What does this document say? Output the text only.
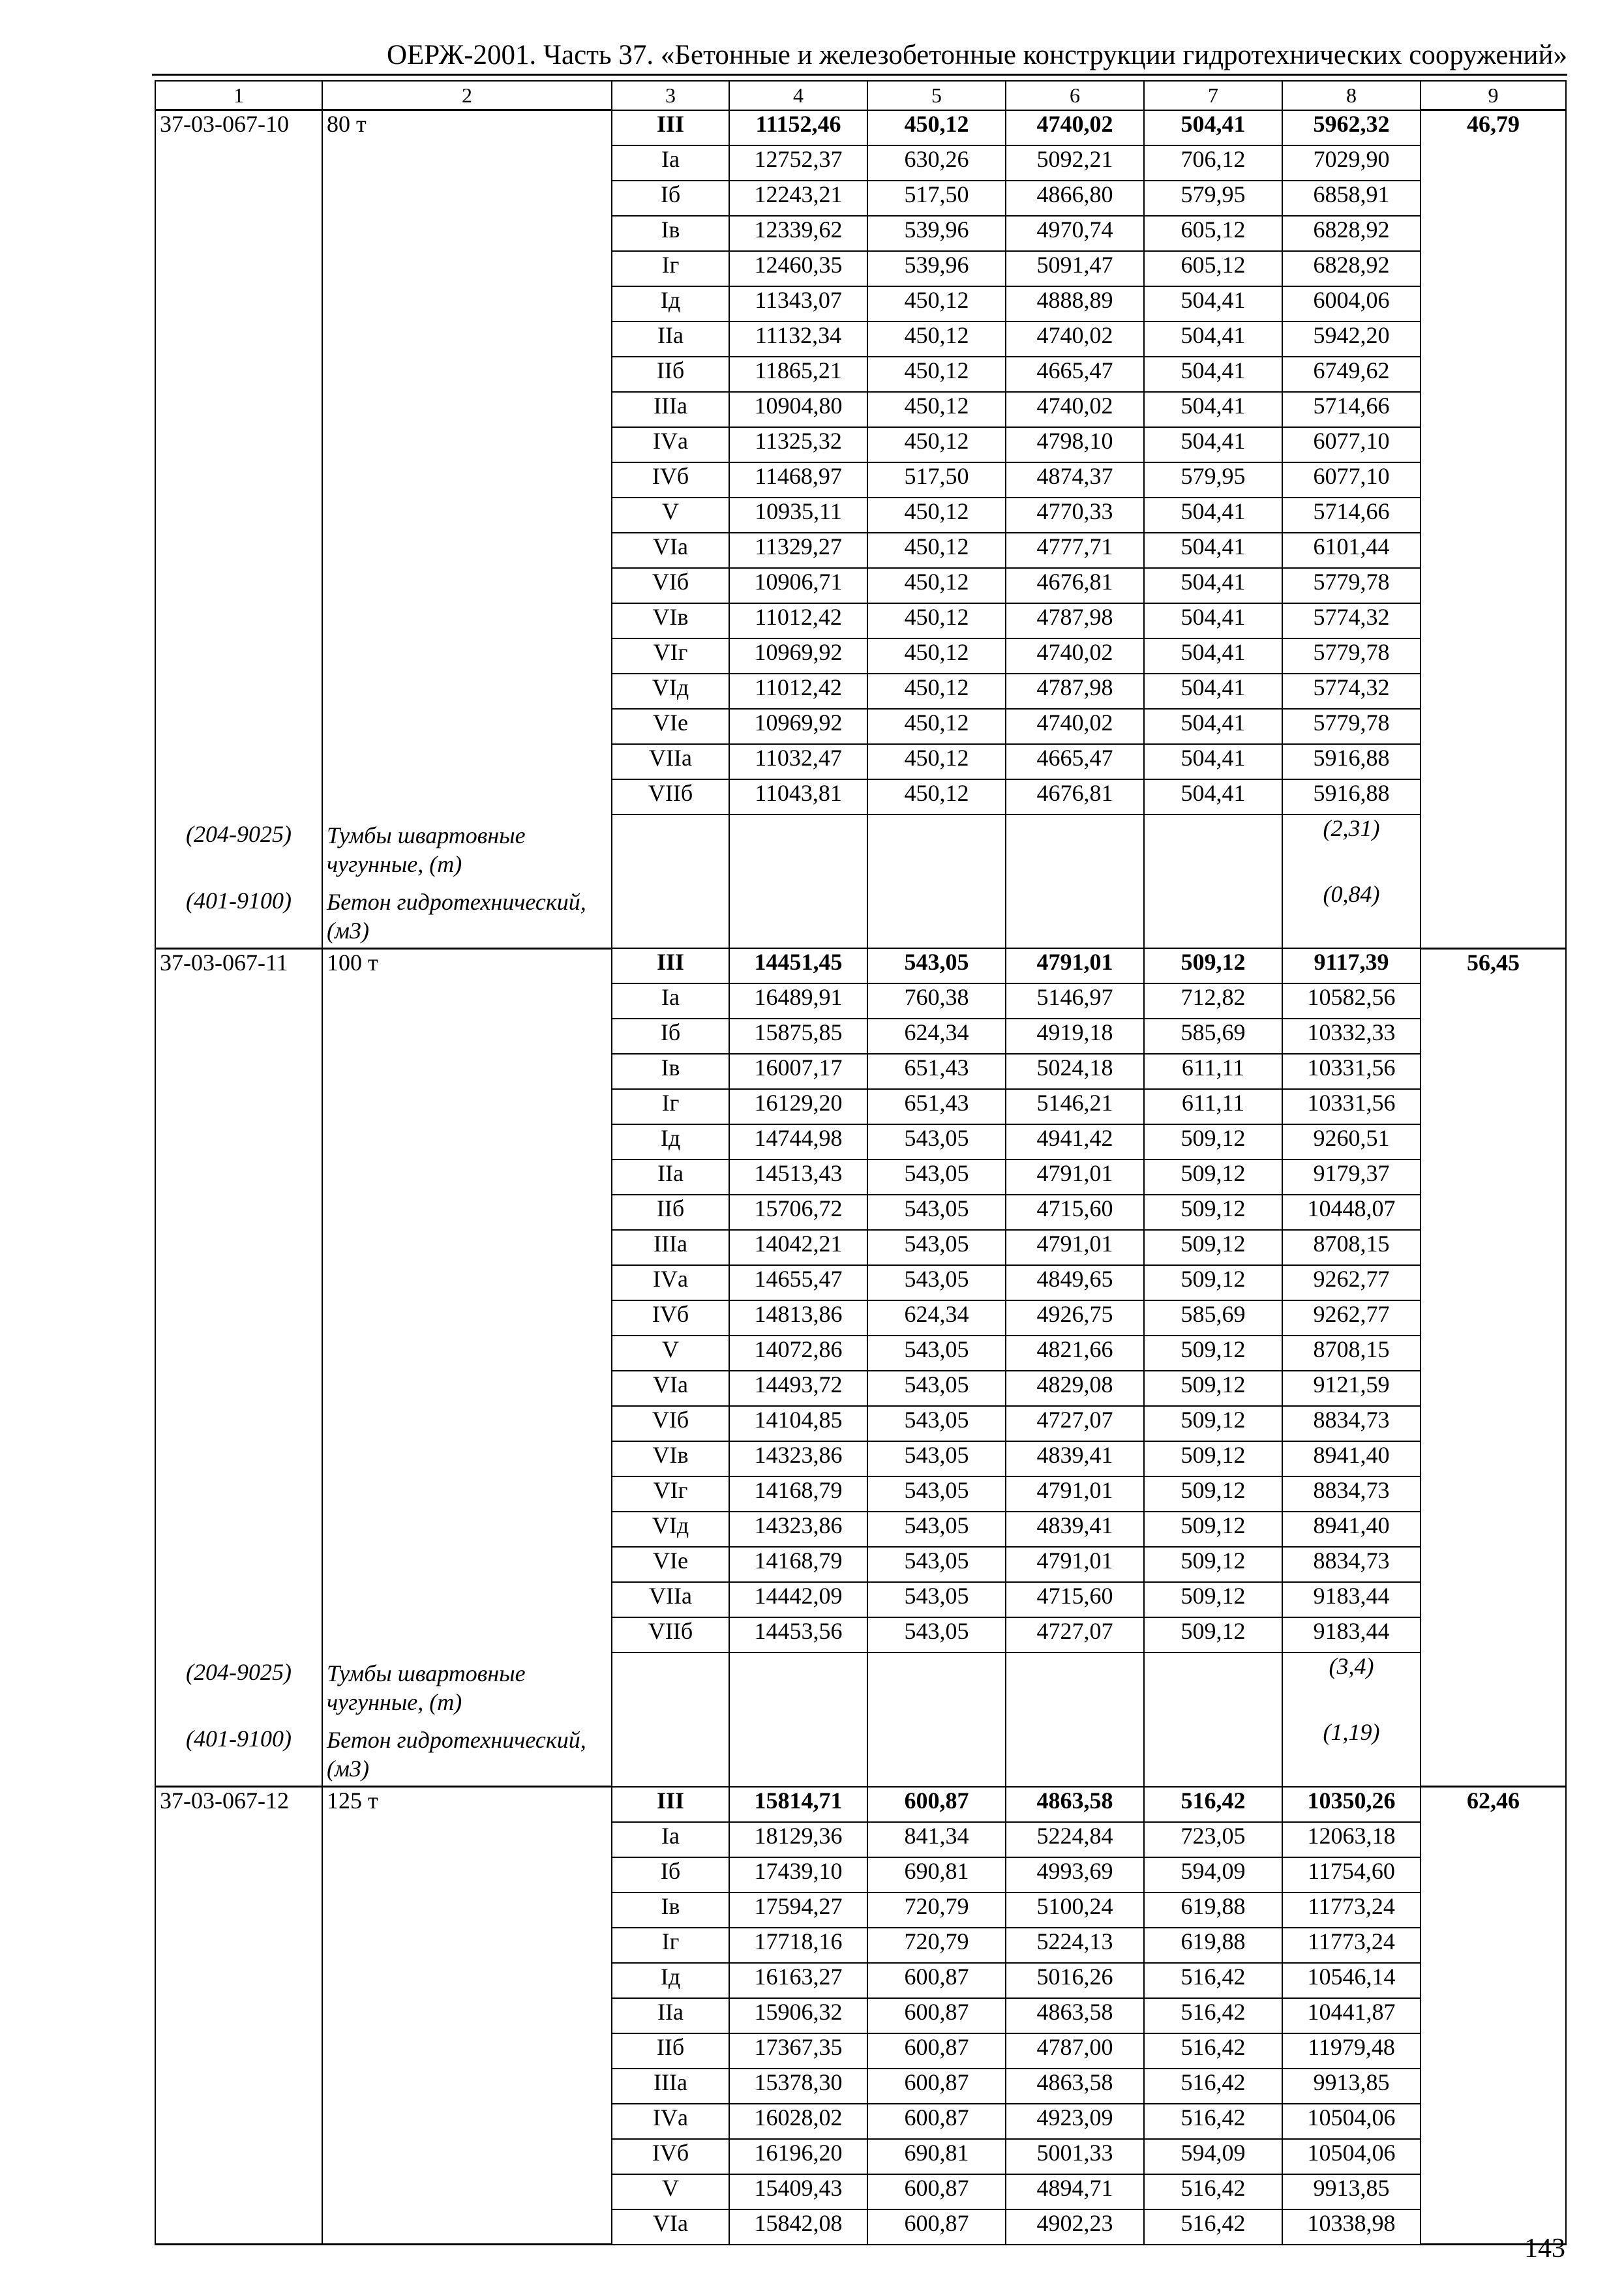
ОЕРЖ-2001. Часть 37. «Бетонные и железобетонные конструкции гидротехнических сооружений»
1	2	3	4	5	6	7	8	9
37-03-067-10	80 т	III	11152,46	450,12	4740,02	504,41	5962,32	46,79
		Iа	12752,37	630,26	5092,21	706,12	7029,90	
		Iб	12243,21	517,50	4866,80	579,95	6858,91	
		Iв	12339,62	539,96	4970,74	605,12	6828,92	
		Iг	12460,35	539,96	5091,47	605,12	6828,92	
		Iд	11343,07	450,12	4888,89	504,41	6004,06	
		IIа	11132,34	450,12	4740,02	504,41	5942,20	
		IIб	11865,21	450,12	4665,47	504,41	6749,62	
		IIIа	10904,80	450,12	4740,02	504,41	5714,66	
		IVа	11325,32	450,12	4798,10	504,41	6077,10	
		IVб	11468,97	517,50	4874,37	579,95	6077,10	
		V	10935,11	450,12	4770,33	504,41	5714,66	
		VIа	11329,27	450,12	4777,71	504,41	6101,44	
		VIб	10906,71	450,12	4676,81	504,41	5779,78	
		VIв	11012,42	450,12	4787,98	504,41	5774,32	
		VIг	10969,92	450,12	4740,02	504,41	5779,78	
		VIд	11012,42	450,12	4787,98	504,41	5774,32	
		VIе	10969,92	450,12	4740,02	504,41	5779,78	
		VIIа	11032,47	450,12	4665,47	504,41	5916,88	
		VIIб	11043,81	450,12	4676,81	504,41	5916,88	
(204-9025)	Тумбы швартовные чугунные, (т)						(2,31)	
(401-9100)	Бетон гидротехнический, (м3)						(0,84)	
37-03-067-11	100 т	III	14451,45	543,05	4791,01	509,12	9117,39	56,45
		Iа	16489,91	760,38	5146,97	712,82	10582,56	
		Iб	15875,85	624,34	4919,18	585,69	10332,33	
		Iв	16007,17	651,43	5024,18	611,11	10331,56	
		Iг	16129,20	651,43	5146,21	611,11	10331,56	
		Iд	14744,98	543,05	4941,42	509,12	9260,51	
		IIа	14513,43	543,05	4791,01	509,12	9179,37	
		IIб	15706,72	543,05	4715,60	509,12	10448,07	
		IIIа	14042,21	543,05	4791,01	509,12	8708,15	
		IVа	14655,47	543,05	4849,65	509,12	9262,77	
		IVб	14813,86	624,34	4926,75	585,69	9262,77	
		V	14072,86	543,05	4821,66	509,12	8708,15	
		VIа	14493,72	543,05	4829,08	509,12	9121,59	
		VIб	14104,85	543,05	4727,07	509,12	8834,73	
		VIв	14323,86	543,05	4839,41	509,12	8941,40	
		VIг	14168,79	543,05	4791,01	509,12	8834,73	
		VIд	14323,86	543,05	4839,41	509,12	8941,40	
		VIе	14168,79	543,05	4791,01	509,12	8834,73	
		VIIа	14442,09	543,05	4715,60	509,12	9183,44	
		VIIб	14453,56	543,05	4727,07	509,12	9183,44	
(204-9025)	Тумбы швартовные чугунные, (т)						(3,4)	
(401-9100)	Бетон гидротехнический, (м3)						(1,19)	
37-03-067-12	125 т	III	15814,71	600,87	4863,58	516,42	10350,26	62,46
		Iа	18129,36	841,34	5224,84	723,05	12063,18	
		Iб	17439,10	690,81	4993,69	594,09	11754,60	
		Iв	17594,27	720,79	5100,24	619,88	11773,24	
		Iг	17718,16	720,79	5224,13	619,88	11773,24	
		Iд	16163,27	600,87	5016,26	516,42	10546,14	
		IIа	15906,32	600,87	4863,58	516,42	10441,87	
		IIб	17367,35	600,87	4787,00	516,42	11979,48	
		IIIа	15378,30	600,87	4863,58	516,42	9913,85	
		IVа	16028,02	600,87	4923,09	516,42	10504,06	
		IVб	16196,20	690,81	5001,33	594,09	10504,06	
		V	15409,43	600,87	4894,71	516,42	9913,85	
		VIа	15842,08	600,87	4902,23	516,42	10338,98	
143
